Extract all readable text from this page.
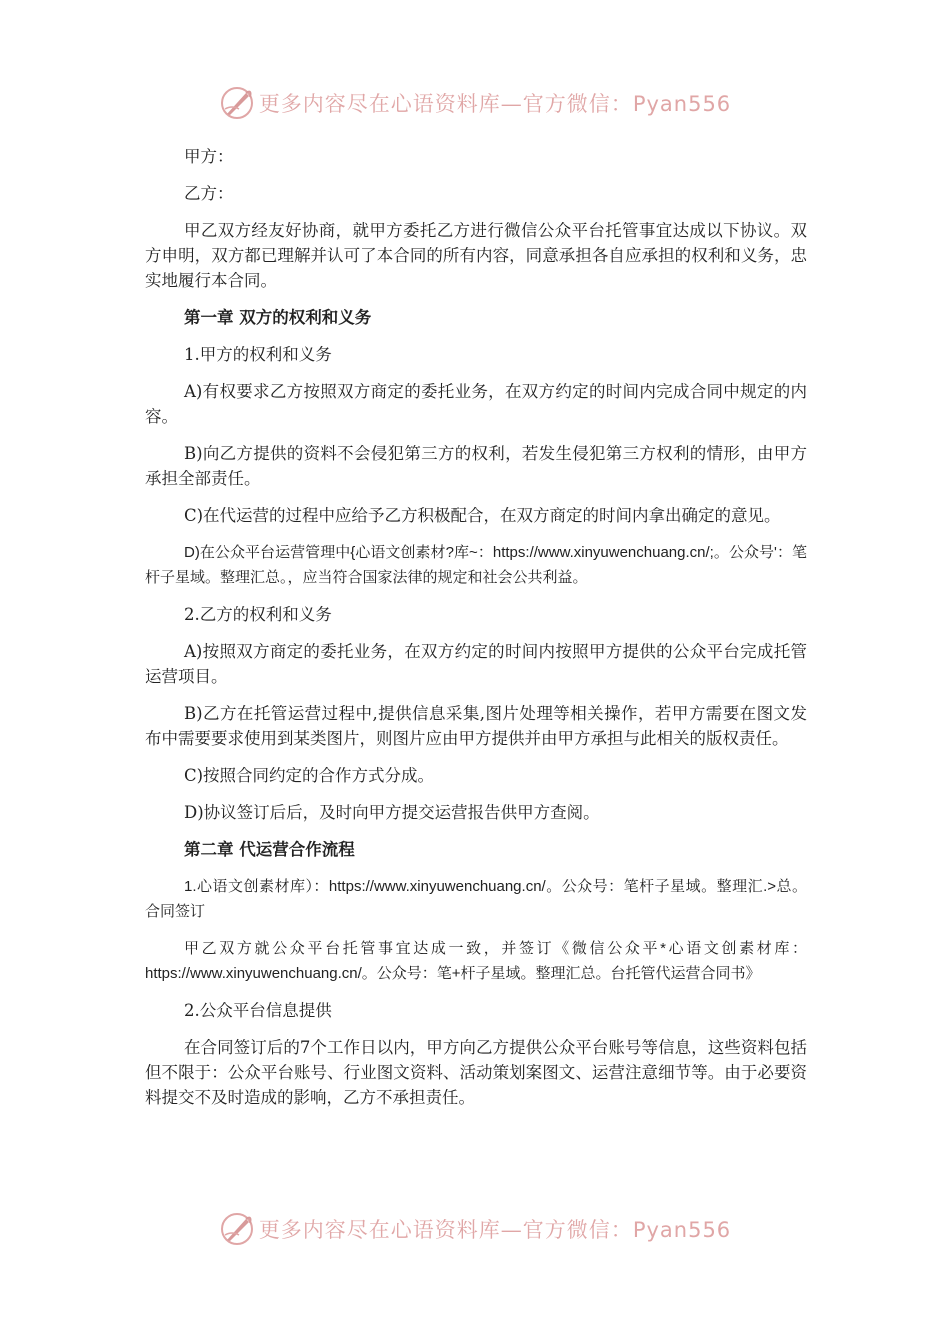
更多内容尽在心语资料库—官方微信：Pyan556

甲方：

乙方：

甲乙双方经友好协商，就甲方委托乙方进行微信公众平台托管事宜达成以下协议。双方申明，双方都已理解并认可了本合同的所有内容，同意承担各自应承担的权利和义务，忠实地履行本合同。

第一章 双方的权利和义务

1.甲方的权利和义务

A)有权要求乙方按照双方商定的委托业务，在双方约定的时间内完成合同中规定的内容。

B)向乙方提供的资料不会侵犯第三方的权利，若发生侵犯第三方权利的情形，由甲方承担全部责任。

C)在代运营的过程中应给予乙方积极配合，在双方商定的时间内拿出确定的意见。

D)在公众平台运营管理中{心语文创素材?库~：https://www.xinyuwenchuang.cn/;。公众号'：笔杆子星域。整理汇总。，应当符合国家法律的规定和社会公共利益。

2.乙方的权利和义务

A)按照双方商定的委托业务，在双方约定的时间内按照甲方提供的公众平台完成托管运营项目。

B)乙方在托管运营过程中,提供信息采集,图片处理等相关操作，若甲方需要在图文发布中需要要求使用到某类图片，则图片应由甲方提供并由甲方承担与此相关的版权责任。

C)按照合同约定的合作方式分成。

D)协议签订后后，及时向甲方提交运营报告供甲方查阅。

第二章 代运营合作流程

1.心语文创素材库）：https://www.xinyuwenchuang.cn/。公众号：笔杆子星域。整理汇.>总。合同签订

甲乙双方就公众平台托管事宜达成一致，并签订《微信公众平*心语文创素材库：https://www.xinyuwenchuang.cn/。公众号：笔+杆子星域。整理汇总。台托管代运营合同书》

2.公众平台信息提供

在合同签订后的7个工作日以内，甲方向乙方提供公众平台账号等信息，这些资料包括但不限于：公众平台账号、行业图文资料、活动策划案图文、运营注意细节等。由于必要资料提交不及时造成的影响，乙方不承担责任。

更多内容尽在心语资料库—官方微信：Pyan556
